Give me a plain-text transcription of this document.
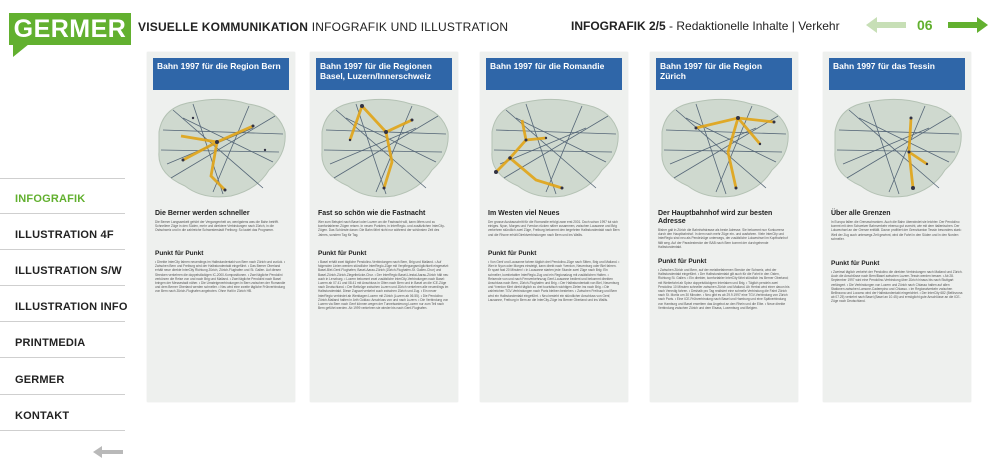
GERMER VISUELLE KOMMUNIKATION INFOGRAFIK UND ILLUSTRATION	INFOGRAFIK 2/5 - Redaktionelle Inhalte | Verkehr	06
INFOGRAFIK
ILLUSTRATION 4F
ILLUSTRATION S/W
ILLUSTRATION INFO
PRINTMEDIA
GERMER
KONTAKT
Bahn 1997 für die Region Bern
Die Berner werden schneller
Die Berner Langsamkeit gehört der Vergangenheit an, wenigstens was die Bahn betrifft. Schnellere Züge in den Süden, mehr und direktere Verbindungen nach Zürich, in die Ostschweiz und in die zahlreiche Schwesterstadt Freiburg: So lautet das Programm.
Punkt für Punkt
• Direkte InterCity fahren neuerdings im Halbstundentakt von Bern nach Zürich und zurück. • Zwischen Bern und Freiburg wird der Halbstundentakt eingeführt. • Das Berner Oberland erhält neue direkte InterCity Richtung Zürich, Zürich-Flughafen und St. Gallen. Auf diesen Strecken verkehren die doppelstöckigen IC-2000-Kompositionen. • Zwei tägliche Pendolini verkürzen die Reise von und nach Brig und Mailand. • Zwei tägliche Pendolini nach Basel bringen der Messestadt näher. • Die Umsteigeverbindungen in Bern zwischen der Romandie und dem Berner Oberland werden schneller. • Neu wird eine zweite tägliche Frühverbindung von Bern nach Zürich-Flughafen angeboten. Ohne Halt in Zürich HB.
Bahn 1997 für die Regionen Basel, Luzern/Innerschweiz
Fast so schön wie die Fastnacht
Wer zum Beispiel nach Basel oder Luzern an die Fastnacht will, kann öfters und zu komfortableren Zügen reisen. In neuen Punkten, in InterRegio- und zusätzlichen InterCity-Zügen. Das Schönste daran: Die Bahn fährt nicht nur während der schönsten Zeit des Jahres, sondern Tag für Tag.
Punkt für Punkt
• Basel erhält zwei tägliche Pendolino-Verbindungen nach Bern, Brig und Mailand. • Auf folgenden Linien werden stündliche InterRegio-Züge mit Verpflegungsmöglichkeit eingesetzt: Basel-Biel-Genf-Flughafen; Basel-Aarau-Zürich (Zürich-Flughafen-St. Gallen-Chur) und Basel-Zürich-Zürich-Ziegelbrücke-Chur. • Der InterRegio Basel-Liestal-Aarau-Zürich hält neu auch in Lenzburg. • Luzern bekommt zwei zusätzliche InterCity-Verbindungen nach Basel: Luzern ab 07.41 und 08.41 mit Anschluss in Olten nach Bern und in Basel an die ICE-Züge nach Deutschland. • Der Bettzüge zwischen Luzern und Zürich verkehren alle neuerdings im Halbstundentakt. Diese Zugsart verkehrt auch zwischen Zürich und Zug. • Ein neuer InterRegio verbindet ab Werktagen Luzern mit Zürich (Luzern ab 06.55). • Die Pendolino Zürich-Mailand halten in Arth Goldau: Anschluss von und nach Luzern. • Die Verbindung von Luzern via Bern nach Genf können wegen der Tunnelsanierung Luzern nur zum Teil nach Bern geführt werden. Ab 1999 verkehren sie wieder bis nach Genf-Flughafen.
Bahn 1997 für die Romandie
Im Westen viel Neues
Der grosse Ausbauschritt für die Romandie erfolgt zwar erst 2001. Doch schon 1997 tut sich einiges. Nyon, Morges und Yverdon rücken näher zusammen, zwischen Lausanne und Brig verkehren stündlich zwei Züge, Freiburg bekommt den begehrten Halbstundentakt nach Bern und die Rhone erhält Direktverbindungen nach Bern und ins Wallis.
Punkt für Punkt
• Von Genf und Lausanne fahren täglich drei Pendolino-Züge nach Sitten, Brig und Mailand. • Wer in Nyon oder Morges einsteigt, kann direkt nach Yverdon, Neuenburg oder Biel fahren. Er spart fast 20 Minuten! • In Lausanne starten jede Stunde zwei Züge nach Brig: Ein schneller, komfortabler InterRegio-Zug und ein Regionalzug mit zusätzlichen Halten. • Reisende von und nach Fernverkehrszug Genf-Lausanne bedient und bekommt direkten Anschluss nach Bern, Zürich-Flughafen und Brig. • Der Halbstundentakt von Biel, Neuenburg und Yverdon führt direkt täglich zu drei touristisch wichtigen Zielen ins nach Brig. • Die zahlreichen TGV-Verbindungen nach Paris bleiben bestehen. • Zwischen Freiburg und Bern wird ein Halbstundentakt eingeführt. • Neu besteht ein stündlicher Anschluss von Genf, Lausanne, Freiburg in Bern an die InterCity-Züge ins Berner Oberland und ins Wallis.
Bahn 1997 für die Region Zürich
Der Hauptbahnhof wird zur besten Adresse
Bisher galt in Zürich die Bahnhofstrasse als beste Adresse. Sie bekommt nun Konkurrenz durch den Hauptbahnhof. In dem nach mehr Züge ein- und ausfahren. Viele InterCity und InterRegio sind neu als Pendelzüge unterwegs, der zusätzliche Lokwechsel im Kopfbahnhof fällt weg. Auf der Paradestrecke der BAB nach Bern kommt der durchgehende Halbstundentakt.
Punkt für Punkt
• Zwischen Zürich und Bern, auf der meistbefahrenen Strecke der Schweiz, wird der Halbstundentakt eingeführt. • Der Halbstundentakt gilt auch für die Fahrt in den Osten, Richtung St. Gallen. • Ein direkter, komfortabler InterCity fährt stündlich ins Berner Oberland; mit Weiterfahrt ab Spiez doppelstöckigem Interlaken und Brig. • Täglich pendeln zwei Pendolino 10 Minuten schneller zwischen Zürich und Mailand. Ab Herbst wird einer davon bis nach Venedig fahren. • Deshalb pro Tag realisiert eine schnelle Verbindung die Fahrt Zürich nach St. Moritz um 30 Minuten. • Neu gibt es ab 29.9.1997 eine TGV-Verbindung von Zürich nach Paris. • Eine ICE-Frühverbindung nach Basel und Hamburg und eine Spätverbindung von Hamburg und Basel erweitern das Angebot an den Rhein und die Elbe. • Neue direkte Verbindung zwischen Zürich und dem Elsass, Luxemburg und Belgien.
Bahn 1997 für das Tessin
Über alle Grenzen
In Europa fallen die Grenzschranken. Auch die Bahn überwindet sie leichter. Der Pendolino kommt mit dem Schweizer Bahnverkehr ebenso gut zurecht, wie mit dem italienischen. Der Lokwechsel an der Grenze entfällt. Davon profitiert der Grenzkanton Tessin besonders stark: Weil der Zug auch unterwegs Zeit gewinnt, wird die Fahrt in den Süden und in den Norden schneller.
Punkt für Punkt
• Zweimal täglich verkehrt der Pendolino die direkten Verbindungen nach Mailand und Zürich. Auch die Anschlüsse nach Bern/Basel zwischen Luzern-Tessin werden besser. • Ab 28. September 1997 wird eine Pendolino-Verbindung über Zürich hinaus bis nach Stuttgart verlängert. • Die Verbindungen von Luzern und Zürich nach Chiasso halten auf allen Stationen zwischen Lamone-Cadempino und Chiasso. • Im Regionalverkehr zwischen Bellinzona und Locarno wird der Halbstundentakt eingerichtet. • Der InterCity 682 (Bellinzona ab 07.25) verkehrt nach Basel (Basel an 10.45) und ermöglicht gute Anschlüsse an die ICE-Züge nach Deutschland.
